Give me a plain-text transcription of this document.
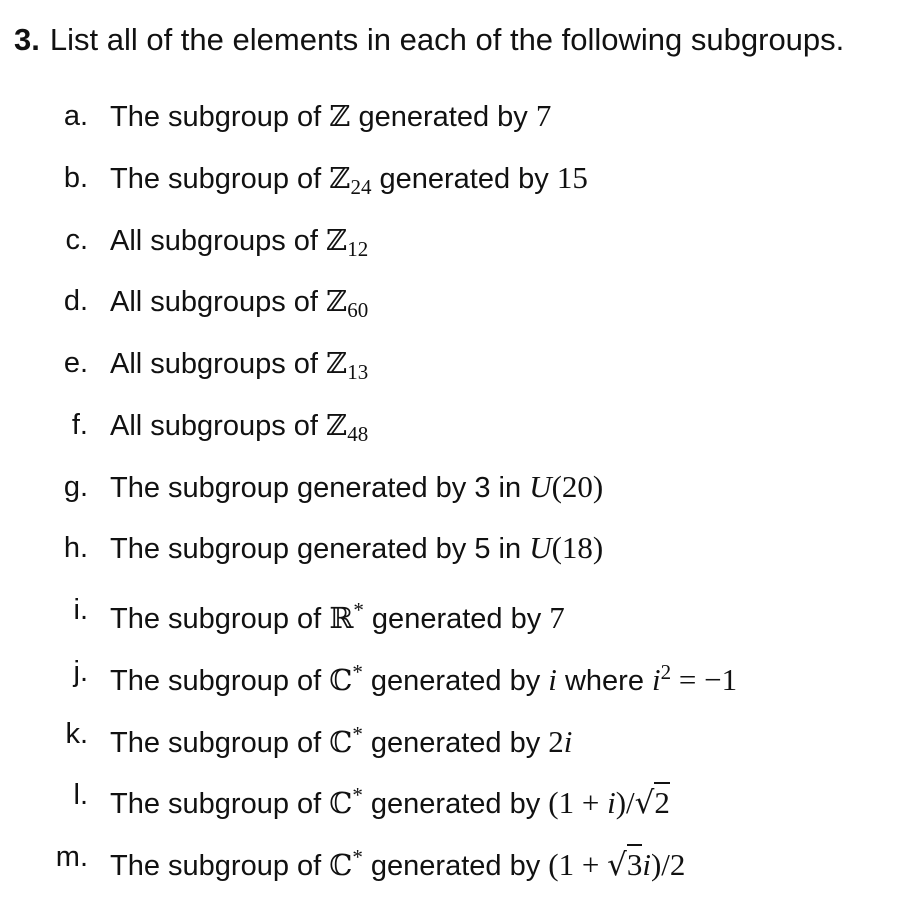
3. List all of the elements in each of the following subgroups.
a. The subgroup of ℤ generated by 7
b. The subgroup of ℤ$_{24}$ generated by 15
c. All subgroups of ℤ$_{12}$
d. All subgroups of ℤ$_{60}$
e. All subgroups of ℤ$_{13}$
f. All subgroups of ℤ$_{48}$
g. The subgroup generated by 3 in U(20)
h. The subgroup generated by 5 in U(18)
i. The subgroup of ℝ* generated by 7
j. The subgroup of ℂ* generated by i where $i^2 = -1$
k. The subgroup of ℂ* generated by 2i
l. The subgroup of ℂ* generated by (1 + i)/√2
m. The subgroup of ℂ* generated by (1 + √3i)/2
